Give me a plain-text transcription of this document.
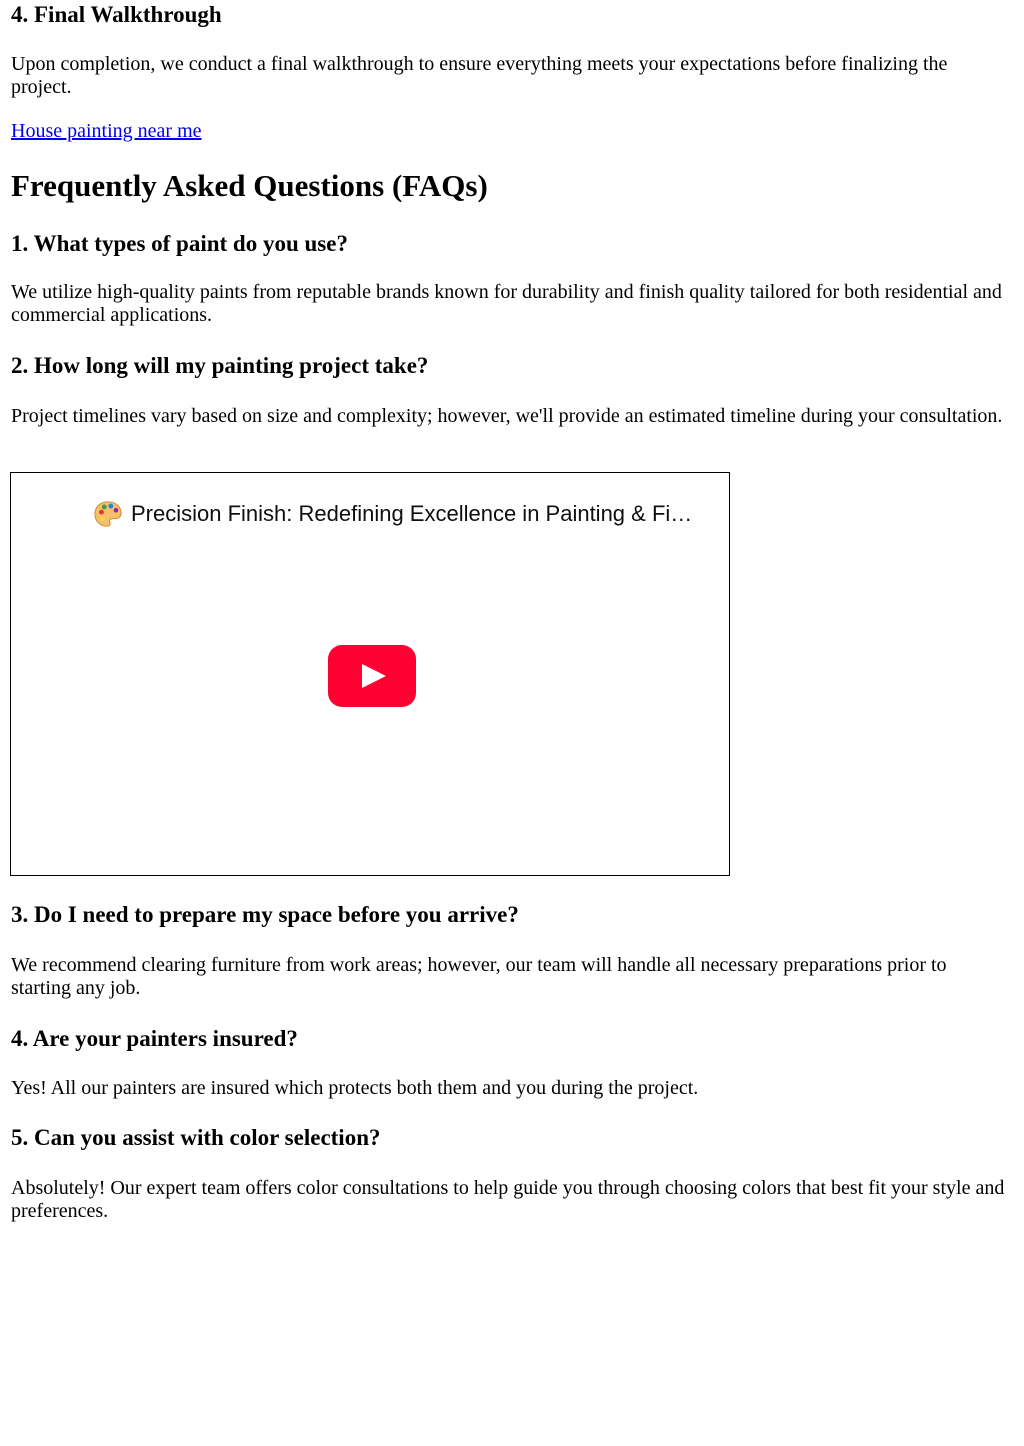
4. Final Walkthrough

Upon completion, we conduct a final walkthrough to ensure everything meets your expectations before finalizing the project.

House painting near me
Frequently Asked Questions (FAQs)
1. What types of paint do you use?

We utilize high-quality paints from reputable brands known for durability and finish quality tailored for both residential and commercial applications.

2. How long will my painting project take?

Project timelines vary based on size and complexity; however, we'll provide an estimated timeline during your consultation.

Precision Finish: Redefining Excellence in Painting & Fi…
3. Do I need to prepare my space before you arrive?

We recommend clearing furniture from work areas; however, our team will handle all necessary preparations prior to starting any job.

4. Are your painters insured?

Yes! All our painters are insured which protects both them and you during the project.

5. Can you assist with color selection?

Absolutely! Our expert team offers color consultations to help guide you through choosing colors that best fit your style and preferences.
